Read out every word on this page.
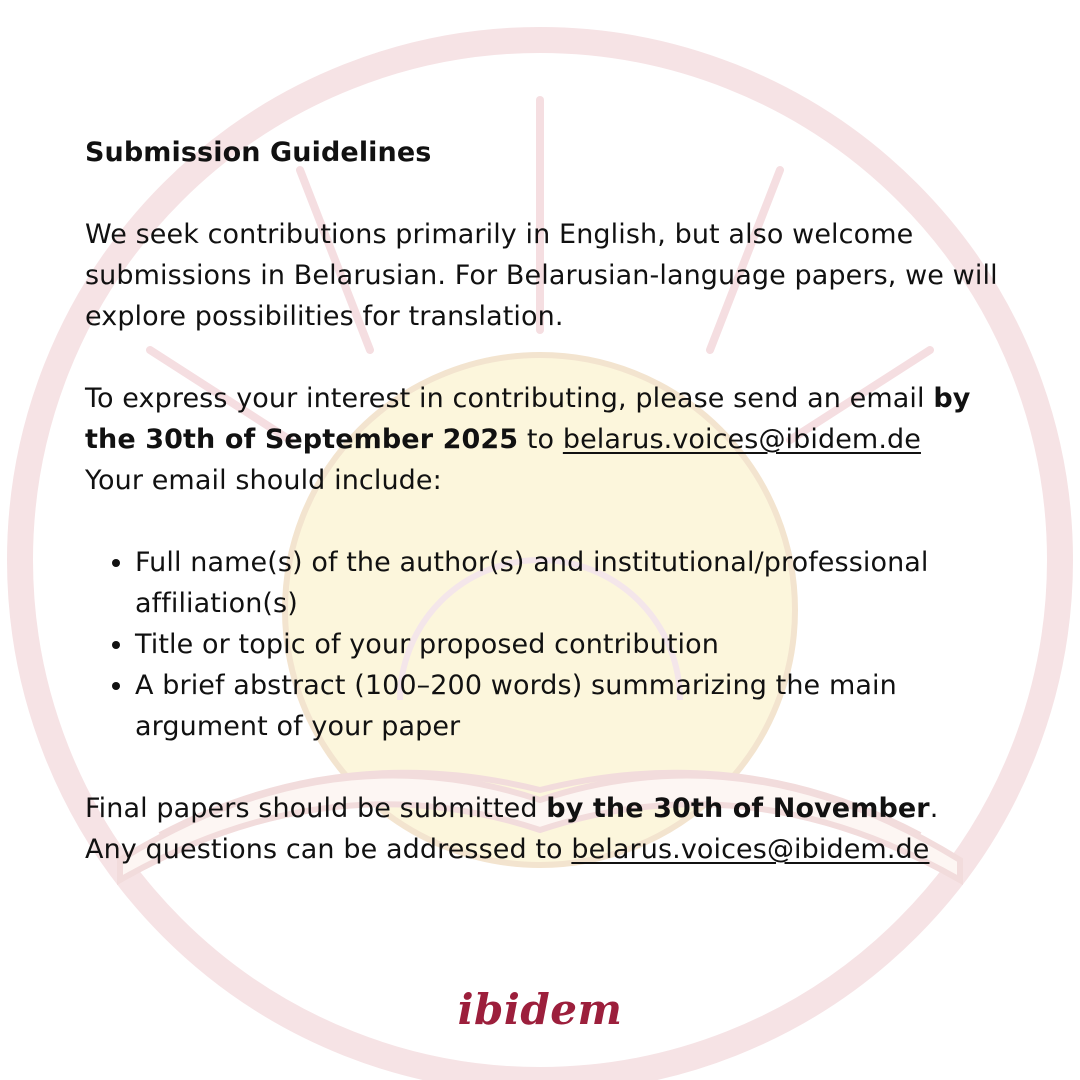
Submission Guidelines

We seek contributions primarily in English, but also welcome submissions in Belarusian. For Belarusian-language papers, we will explore possibilities for translation.

To express your interest in contributing, please send an email by the 30th of September 2025 to belarus.voices@ibidem.de

Your email should include:

• Full name(s) of the author(s) and institutional/professional affiliation(s)
• Title or topic of your proposed contribution
• A brief abstract (100–200 words) summarizing the main argument of your paper

Final papers should be submitted by the 30th of November.

Any questions can be addressed to belarus.voices@ibidem.de

ibidem
